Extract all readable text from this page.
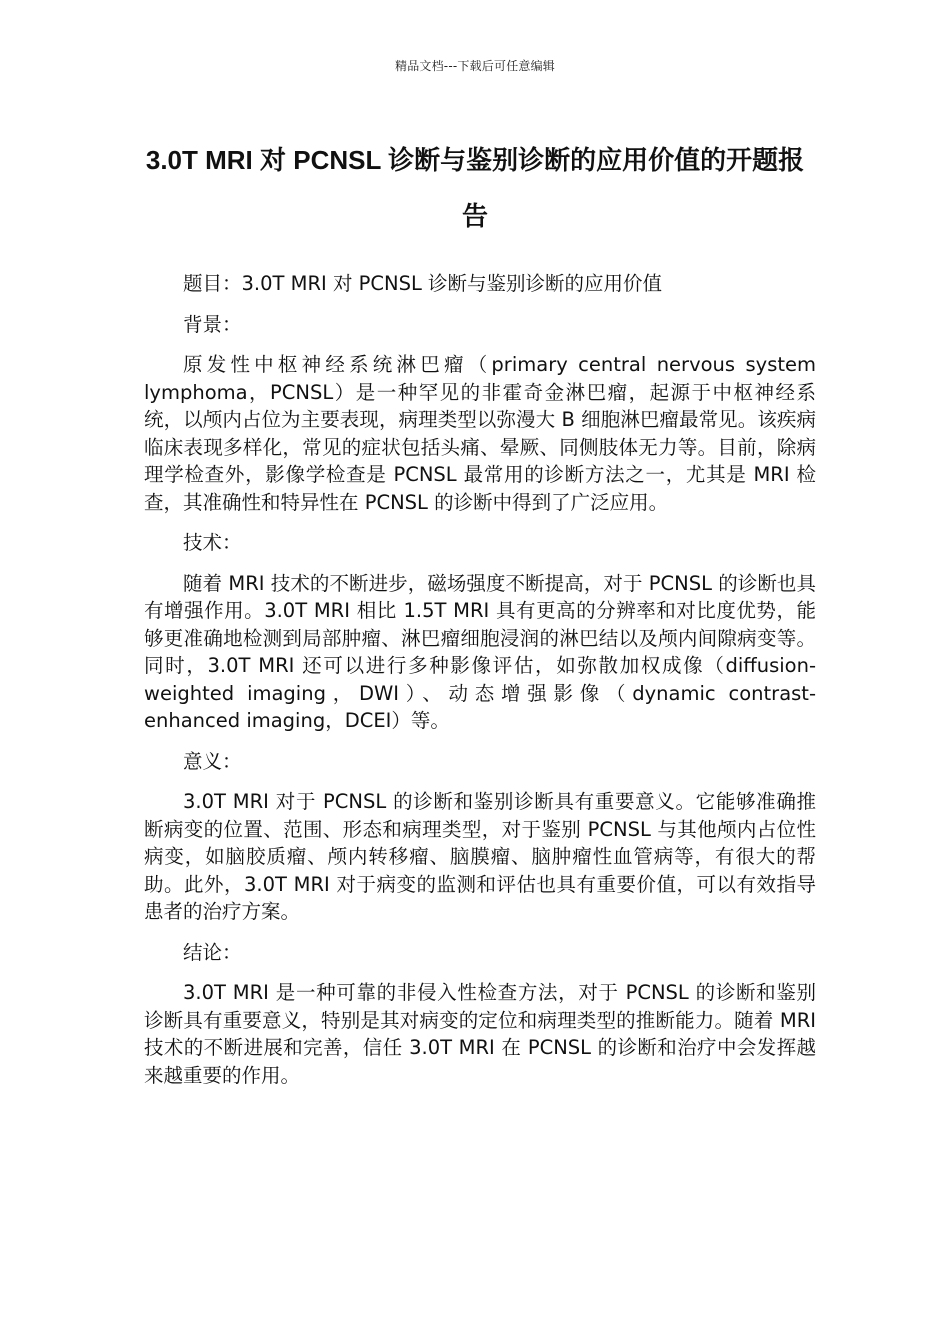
精品文档---下载后可任意编辑
3.0T MRI 对 PCNSL 诊断与鉴别诊断的应用价值的开题报告

题目：3.0T MRI 对 PCNSL 诊断与鉴别诊断的应用价值

背景：

原发性中枢神经系统淋巴瘤（primary central nervous system lymphoma，PCNSL）是一种罕见的非霍奇金淋巴瘤，起源于中枢神经系统，以颅内占位为主要表现，病理类型以弥漫大 B 细胞淋巴瘤最常见。该疾病临床表现多样化，常见的症状包括头痛、晕厥、同侧肢体无力等。目前，除病理学检查外，影像学检查是 PCNSL 最常用的诊断方法之一，尤其是 MRI 检查，其准确性和特异性在 PCNSL 的诊断中得到了广泛应用。

技术：

随着 MRI 技术的不断进步，磁场强度不断提高，对于 PCNSL 的诊断也具有增强作用。3.0T MRI 相比 1.5T MRI 具有更高的分辨率和对比度优势，能够更准确地检测到局部肿瘤、淋巴瘤细胞浸润的淋巴结以及颅内间隙病变等。同时，3.0T MRI 还可以进行多种影像评估，如弥散加权成像（diffusion-weighted imaging，DWI）、动态增强影像（dynamic contrast-enhanced imaging，DCEI）等。

意义：

3.0T MRI 对于 PCNSL 的诊断和鉴别诊断具有重要意义。它能够准确推断病变的位置、范围、形态和病理类型，对于鉴别 PCNSL 与其他颅内占位性病变，如脑胶质瘤、颅内转移瘤、脑膜瘤、脑肿瘤性血管病等，有很大的帮助。此外，3.0T MRI 对于病变的监测和评估也具有重要价值，可以有效指导患者的治疗方案。

结论：

3.0T MRI 是一种可靠的非侵入性检查方法，对于 PCNSL 的诊断和鉴别诊断具有重要意义，特别是其对病变的定位和病理类型的推断能力。随着 MRI 技术的不断进展和完善，信任 3.0T MRI 在 PCNSL 的诊断和治疗中会发挥越来越重要的作用。
